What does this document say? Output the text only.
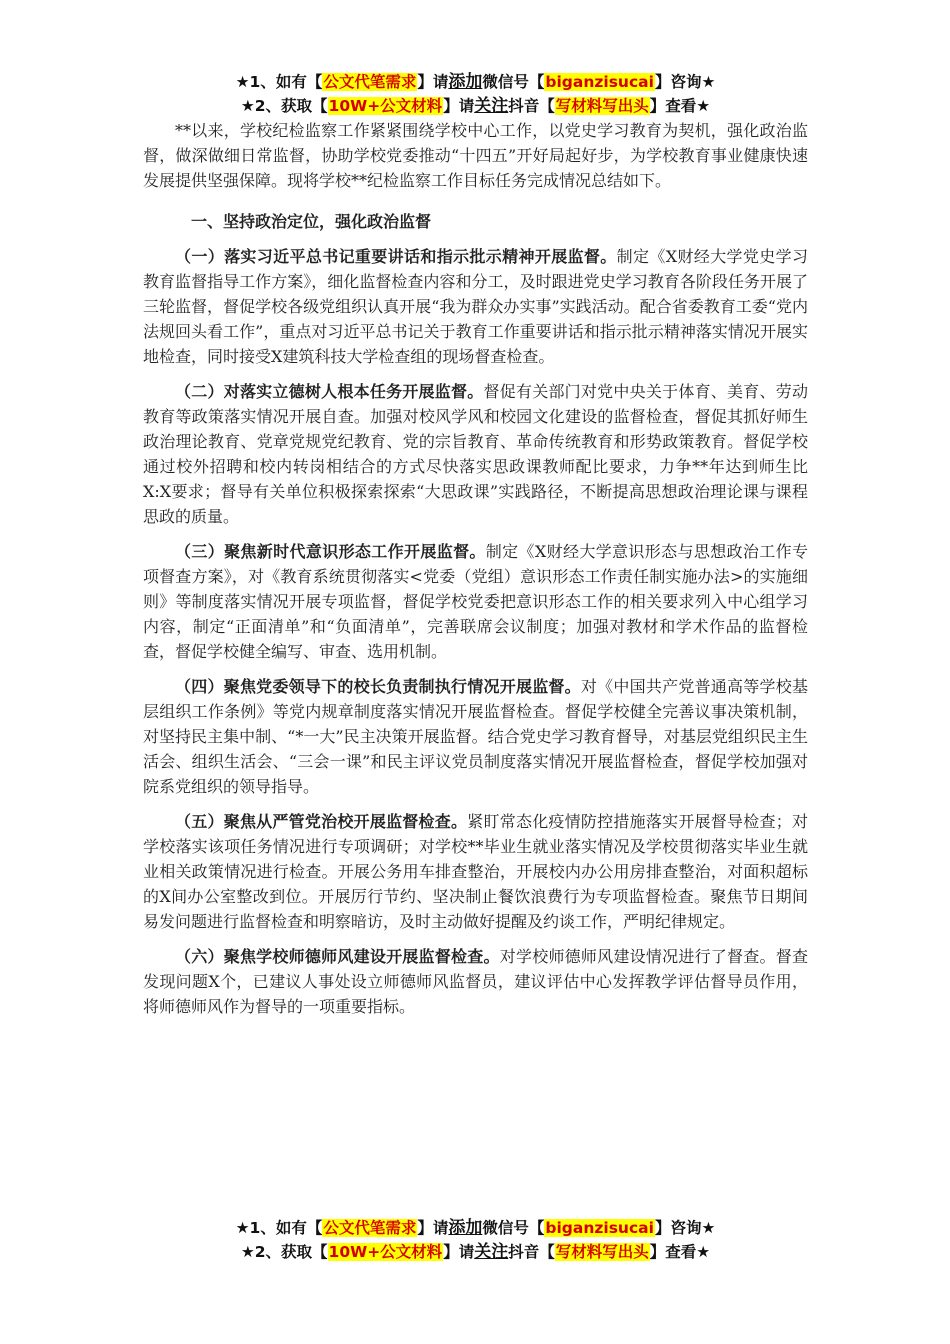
★1、如有【公文代笔需求】请添加微信号【biganzisucai】咨询★
★2、获取【10W+公文材料】请关注抖音【写材料写出头】查看★

**以来，学校纪检监察工作紧紧围绕学校中心工作，以党史学习教育为契机，强化政治监督，做深做细日常监督，协助学校党委推动“十四五”开好局起好步，为学校教育事业健康快速发展提供坚强保障。现将学校**纪检监察工作目标任务完成情况总结如下。

一、坚持政治定位，强化政治监督

（一）落实习近平总书记重要讲话和指示批示精神开展监督。制定《X财经大学党史学习教育监督指导工作方案》，细化监督检查内容和分工，及时跟进党史学习教育各阶段任务开展了三轮监督，督促学校各级党组织认真开展“我为群众办实事”实践活动。配合省委教育工委“党内法规回头看工作”，重点对习近平总书记关于教育工作重要讲话和指示批示精神落实情况开展实地检查，同时接受X建筑科技大学检查组的现场督查检查。

（二）对落实立德树人根本任务开展监督。督促有关部门对党中央关于体育、美育、劳动教育等政策落实情况开展自查。加强对校风学风和校园文化建设的监督检查，督促其抓好师生政治理论教育、党章党规党纪教育、党的宗旨教育、革命传统教育和形势政策教育。督促学校通过校外招聘和校内转岗相结合的方式尽快落实思政课教师配比要求，力争**年达到师生比X:X要求；督导有关单位积极探索探索“大思政课”实践路径，不断提高思想政治理论课与课程思政的质量。

（三）聚焦新时代意识形态工作开展监督。制定《X财经大学意识形态与思想政治工作专项督查方案》，对《教育系统贯彻落实<党委（党组）意识形态工作责任制实施办法>的实施细则》等制度落实情况开展专项监督，督促学校党委把意识形态工作的相关要求列入中心组学习内容，制定“正面清单”和“负面清单”，完善联席会议制度；加强对教材和学术作品的监督检查，督促学校健全编写、审查、选用机制。

（四）聚焦党委领导下的校长负责制执行情况开展监督。对《中国共产党普通高等学校基层组织工作条例》等党内规章制度落实情况开展监督检查。督促学校健全完善议事决策机制，对坚持民主集中制、“*一大”民主决策开展监督。结合党史学习教育督导，对基层党组织民主生活会、组织生活会、“三会一课”和民主评议党员制度落实情况开展监督检查，督促学校加强对院系党组织的领导指导。

（五）聚焦从严管党治校开展监督检查。紧盯常态化疫情防控措施落实开展督导检查；对学校落实该项任务情况进行专项调研；对学校**毕业生就业落实情况及学校贯彻落实毕业生就业相关政策情况进行检查。开展公务用车排查整治，开展校内办公用房排查整治，对面积超标的X间办公室整改到位。开展厉行节约、坚决制止餐饮浪费行为专项监督检查。聚焦节日期间易发问题进行监督检查和明察暗访，及时主动做好提醒及约谈工作，严明纪律规定。

（六）聚焦学校师德师风建设开展监督检查。对学校师德师风建设情况进行了督查。督查发现问题X个，已建议人事处设立师德师风监督员，建议评估中心发挥教学评估督导员作用，将师德师风作为督导的一项重要指标。

★1、如有【公文代笔需求】请添加微信号【biganzisucai】咨询★
★2、获取【10W+公文材料】请关注抖音【写材料写出头】查看★
